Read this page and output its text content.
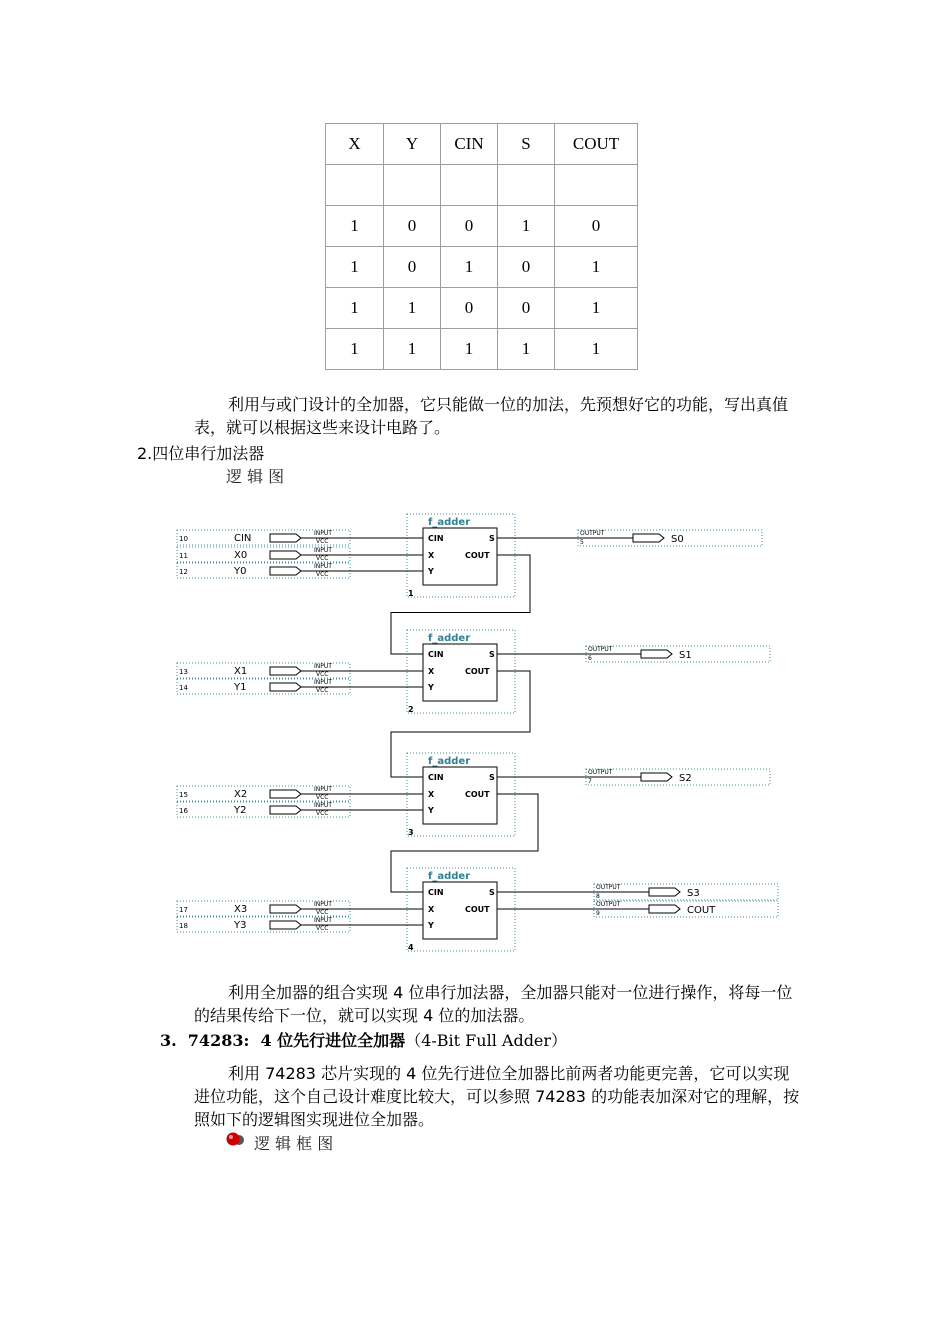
X	Y	CIN	S	COUT

1	0	0	1	0
1	0	1	0	1
1	1	0	0	1
1	1	1	1	1
利用与或门设计的全加器，它只能做一位的加法，先预想好它的功能，写出真值
表，就可以根据这些来设计电路了。
2.四位串行加法器
逻 辑 图
f_adder
CIN
X
Y
S
COUT
1
10	CIN	INPUT
VCC
11	X0	INPUT
VCC
12	Y0	INPUT
VCC
OUTPUT
5	S0
f_adder
CIN
X
Y
S
COUT
2
13	X1	INPUT
VCC
14	Y1	INPUT
VCC
OUTPUT
6	S1
f_adder
CIN
X
Y
S
COUT
3
15	X2	INPUT
VCC
16	Y2	INPUT
VCC
OUTPUT
7	S2
f_adder
CIN
X
Y
S
COUT
4
17	X3	INPUT
VCC
18	Y3	INPUT
VCC
OUTPUT
8	S3
OUTPUT
9	COUT
利用全加器的组合实现 4 位串行加法器，全加器只能对一位进行操作，将每一位
的结果传给下一位，就可以实现 4 位的加法器。
3. 74283: 4 位先行进位全加器（4-Bit Full Adder）
利用 74283 芯片实现的 4 位先行进位全加器比前两者功能更完善，它可以实现
进位功能，这个自己设计难度比较大，可以参照 74283 的功能表加深对它的理解，按
照如下的逻辑图实现进位全加器。
逻 辑 框 图
